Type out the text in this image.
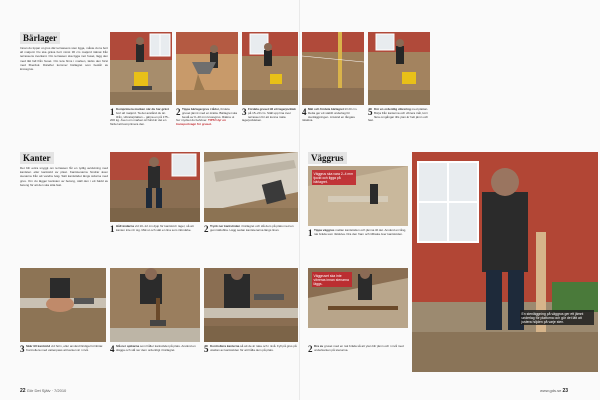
Bärlager
Innan du tippar ut grus där terrassens sten ligga, måste du ta bort all matjord. Du ska gräva bort minst 30 cm matjord räknat från terrassens överkant. Om terrassen ska ligga mot huset, lägg den med lätt fall från huset. Om lera finns i marken, täcks den först med fiberduk. Därefter kommer bärlagret som består av krossgrus.
1 Komprimera marken när du har grävt bort all matjord. Ta det avstånd du än ifrån, vibratorplattan – gärna en på 175–200 kg. Även om marken är hård är det en fördel att komprimera den.
2 Tippa bärlagergrus i lådor, fördela gruset jämnt med en kratta. Bärlagret ska bestå av 0–40 mm krossgrus. Räkna ut hur mycket du behöver. TIPS! Hyr en transportvagn för gruset.
3 Fördela gruset till ett lagerjocklek på 15–20 cm. Ställ upp lina över terrassen för att kunna mäta lagerjockleken.
Kanter
Det blir extra snyggt om terrassen får en tydlig avslutning med kantsten eller kantstöd av plast. Kantstenarna hindrar även stenarna från att vandra iväg. Sätt kantstödet längs sidorna med grus. Om du lägger kantsten av betong, ställ den i ett bädd av betong för att den ska sitta fast.
1 Håll ändarna vid 10–12 cm djup för kantstöd i lager, så att kanten inte rör sig. Mät ut och sätt en lina som riktmärke.	2 Tryck ner kantstöden i bärlagret och slå dem på plats med en gummiklubba. Lägg sedan kantstenarna längs linan.
3 Skär till kantstöd vid hörn, eller använd färdiga hörnbitar. Kontrollera med vattenpass att kanten är i nivå.	4 Slå ner spikarna som håller kantstödet på plats. Använd en slägga och slå ner dem ordentligt i bärlagret.	5 Kontrollera kanterna så att de är raka och i nivå. Fyll på grus på utsidan av kantstöden för att hålla dem på plats.
22 Gör Det Själv · 7/2010
4 Mät och fördela bärlagret till 20 cm. Detta ger ett stabilt underlag för stenläggningen. Använd en långare rätskiva.
5 Kör en ordentlig vibrering med plattan. Börja från kanterna och vibrera inåt, kör i flera omgångar tills ytan är helt jämn och fast.
Väggrus
Väggrus ska vara 2–4 mm tjockt och ligga på bärlagret.
1 Tippa väggrus mellan kantstöden och jämna till det. Använd en lång, rak bräda som riktskiva. Dra den fram och tillbaka över kantstöden.
Väggruset ska inte vibreras innan stenarna läggs.
2 Dra av gruset med en rak bräda så att ytan blir jämn och i nivå med underkanten på stenarna.
En stenläggning på väggrus ger ett jämnt underlag för plattorna och gör det lätt att justera höjden på varje sten.
www.gds.se 23
